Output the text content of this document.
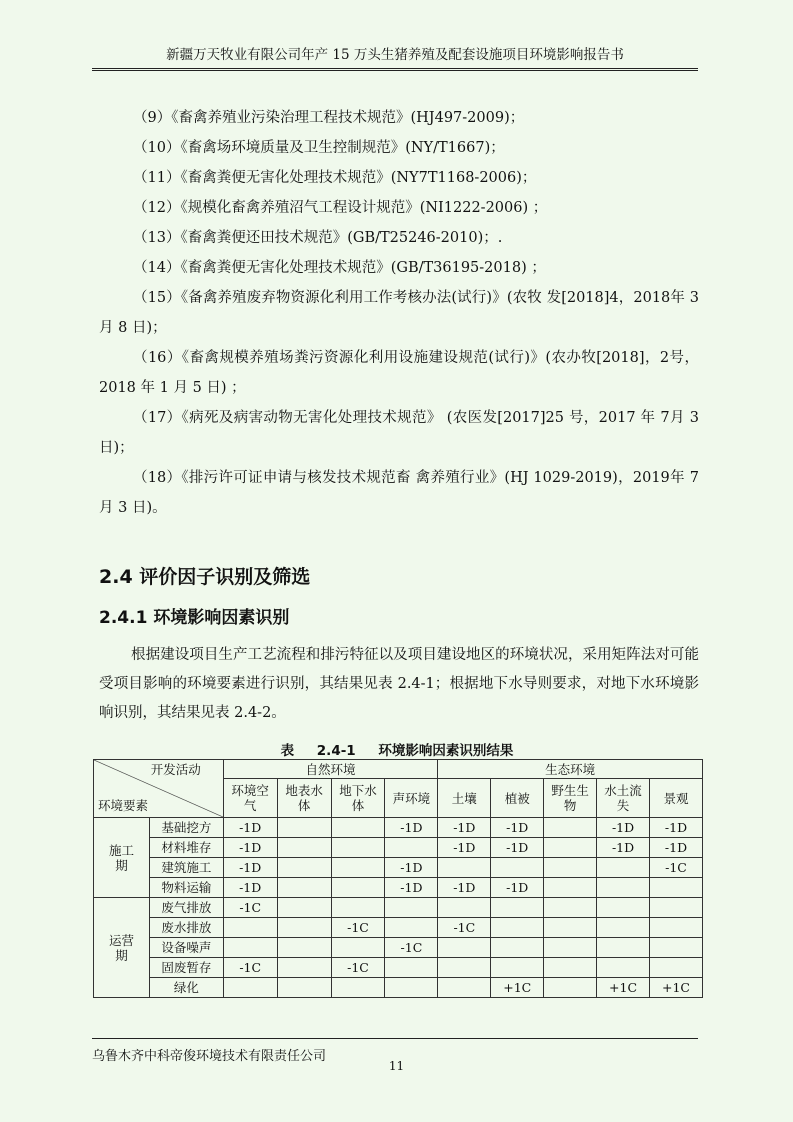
新疆万天牧业有限公司年产 15 万头生猪养殖及配套设施项目环境影响报告书

（9）《畜禽养殖业污染治理工程技术规范》(HJ497-2009)；

（10）《畜禽场环境质量及卫生控制规范》(NY/T1667)；

（11）《畜禽粪便无害化处理技术规范》(NY7T1168-2006)；

（12）《规模化畜禽养殖沼气工程设计规范》(NI1222-2006) ；

（13）《畜禽粪便还田技术规范》(GB/T25246-2010)；.

（14）《畜禽粪便无害化处理技术规范》(GB/T36195-2018) ；

（15）《备禽养殖废弃物资源化利用工作考核办法(试行)》(农牧 发[2018]4，2018年 3 月 8 日)；

（16）《畜禽规模养殖场粪污资源化利用设施建设规范(试行)》(农办牧[2018]，2号，2018 年 1 月 5 日) ；

（17）《病死及病害动物无害化处理技术规范》 (农医发[2017]25 号，2017 年 7月 3 日)；

（18）《排污许可证申请与核发技术规范畜 禽养殖行业》(HJ 1029-2019)，2019年 7 月 3 日)。

2.4 评价因子识别及筛选
2.4.1 环境影响因素识别

根据建设项目生产工艺流程和排污特征以及项目建设地区的环境状况，采用矩阵法对可能受项目影响的环境要素进行识别，其结果见表 2.4-1；根据地下水导则要求，对地下水环境影响识别，其结果见表 2.4-2。

表 2.4-1 环境影响因素识别结果
开发活动
环境要素		自然环境				生态环境				
		环境空气	地表水体	地下水体	声环境	土壤	植被	野生生物	水土流失	景观
施工期	基础挖方	-1D			-1D	-1D	-1D		-1D	-1D
	材料堆存	-1D				-1D	-1D		-1D	-1D
	建筑施工	-1D			-1D					-1C
	物料运输	-1D			-1D	-1D	-1D			
运营期	废气排放	-1C								
	废水排放			-1C		-1C				
	设备噪声				-1C					
	固废暂存	-1C		-1C						
	绿化						+1C		+1C	+1C
乌鲁木齐中科帝俊环境技术有限责任公司
11
